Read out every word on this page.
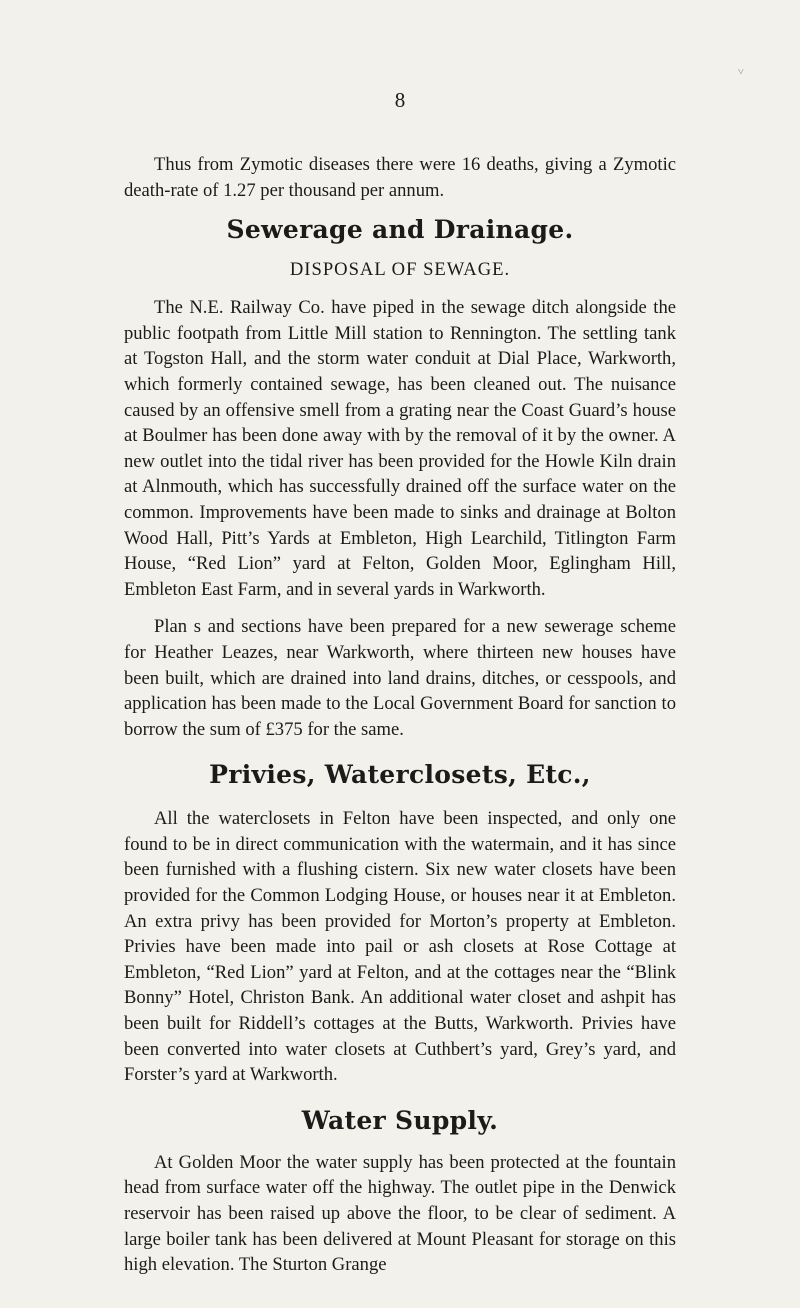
˅
8

Thus from Zymotic diseases there were 16 deaths, giving a Zymotic death-rate of 1.27 per thousand per annum.

Sewerage and Drainage.
DISPOSAL OF SEWAGE.

The N.E. Railway Co. have piped in the sewage ditch alongside the public footpath from Little Mill station to Rennington. The settling tank at Togston Hall, and the storm water conduit at Dial Place, Warkworth, which formerly contained sewage, has been cleaned out. The nuisance caused by an offensive smell from a grating near the Coast Guard’s house at Boulmer has been done away with by the removal of it by the owner. A new outlet into the tidal river has been provided for the Howle Kiln drain at Alnmouth, which has successfully drained off the surface water on the common. Improvements have been made to sinks and drainage at Bolton Wood Hall, Pitt’s Yards at Embleton, High Learchild, Titlington Farm House, “Red Lion” yard at Felton, Golden Moor, Eglingham Hill, Embleton East Farm, and in several yards in Warkworth.

Plan s and sections have been prepared for a new sewerage scheme for Heather Leazes, near Warkworth, where thirteen new houses have been built, which are drained into land drains, ditches, or cesspools, and application has been made to the Local Government Board for sanction to borrow the sum of £375 for the same.

Privies, Waterclosets, Etc.,

All the waterclosets in Felton have been inspected, and only one found to be in direct communication with the watermain, and it has since been furnished with a flushing cistern. Six new water closets have been provided for the Common Lodging House, or houses near it at Embleton. An extra privy has been provided for Morton’s property at Embleton. Privies have been made into pail or ash closets at Rose Cottage at Embleton, “Red Lion” yard at Felton, and at the cottages near the “Blink Bonny” Hotel, Christon Bank. An additional water closet and ashpit has been built for Riddell’s cottages at the Butts, Warkworth. Privies have been converted into water closets at Cuthbert’s yard, Grey’s yard, and Forster’s yard at Warkworth.

Water Supply.

At Golden Moor the water supply has been protected at the fountain head from surface water off the highway. The outlet pipe in the Denwick reservoir has been raised up above the floor, to be clear of sediment. A large boiler tank has been delivered at Mount Pleasant for storage on this high elevation. The Sturton Grange
